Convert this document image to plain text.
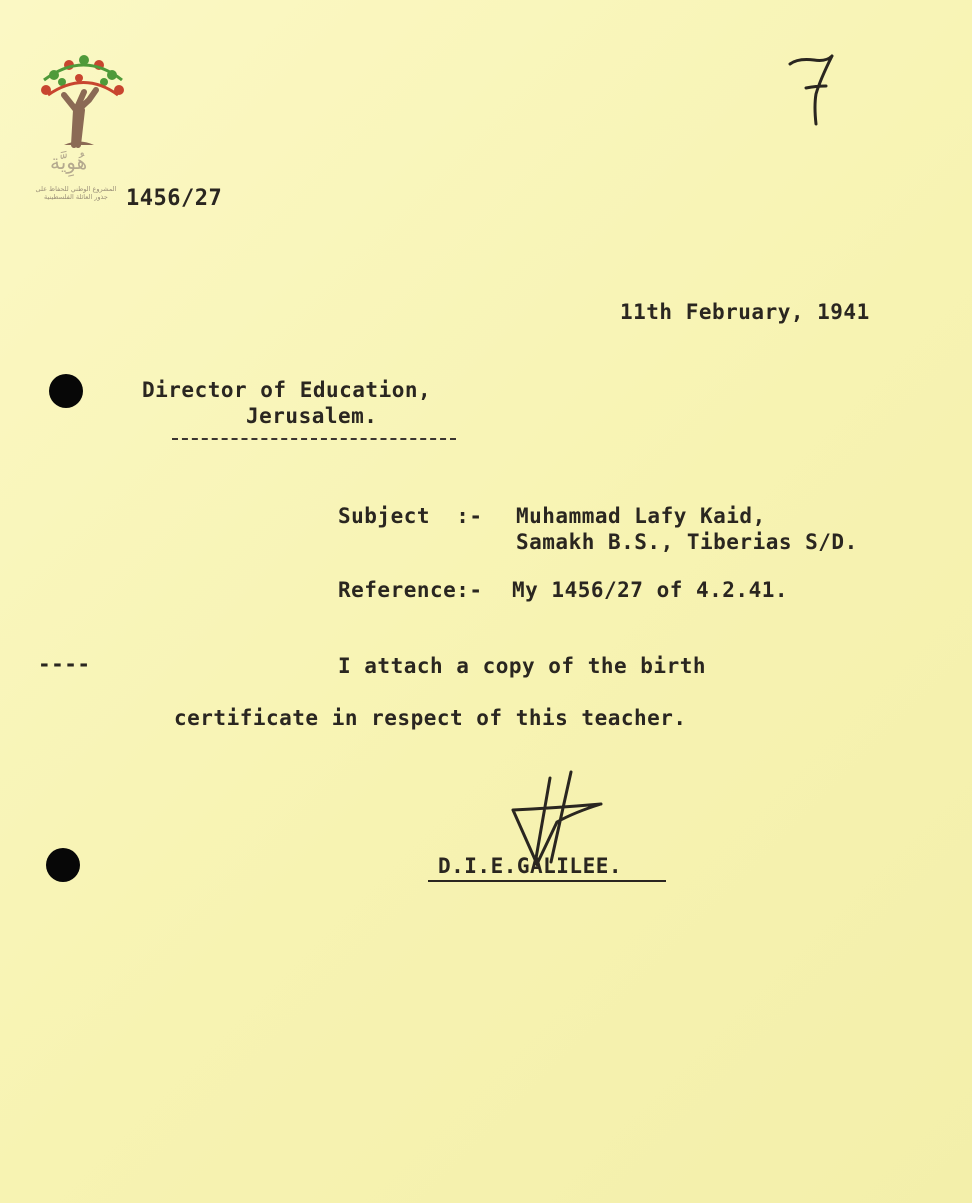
هُوِيَّة
المشروع الوطني للحفاظ على جذور العائلة الفلسطينية 1456/27
11th February, 1941
Director of Education,
Jerusalem.
Subject  :- Muhammad Lafy Kaid,
Samakh B.S., Tiberias S/D.
Reference:- My 1456/27 of 4.2.41.
----	I attach a copy of the birth
certificate in respect of this teacher.
D.I.E.GALILEE.
